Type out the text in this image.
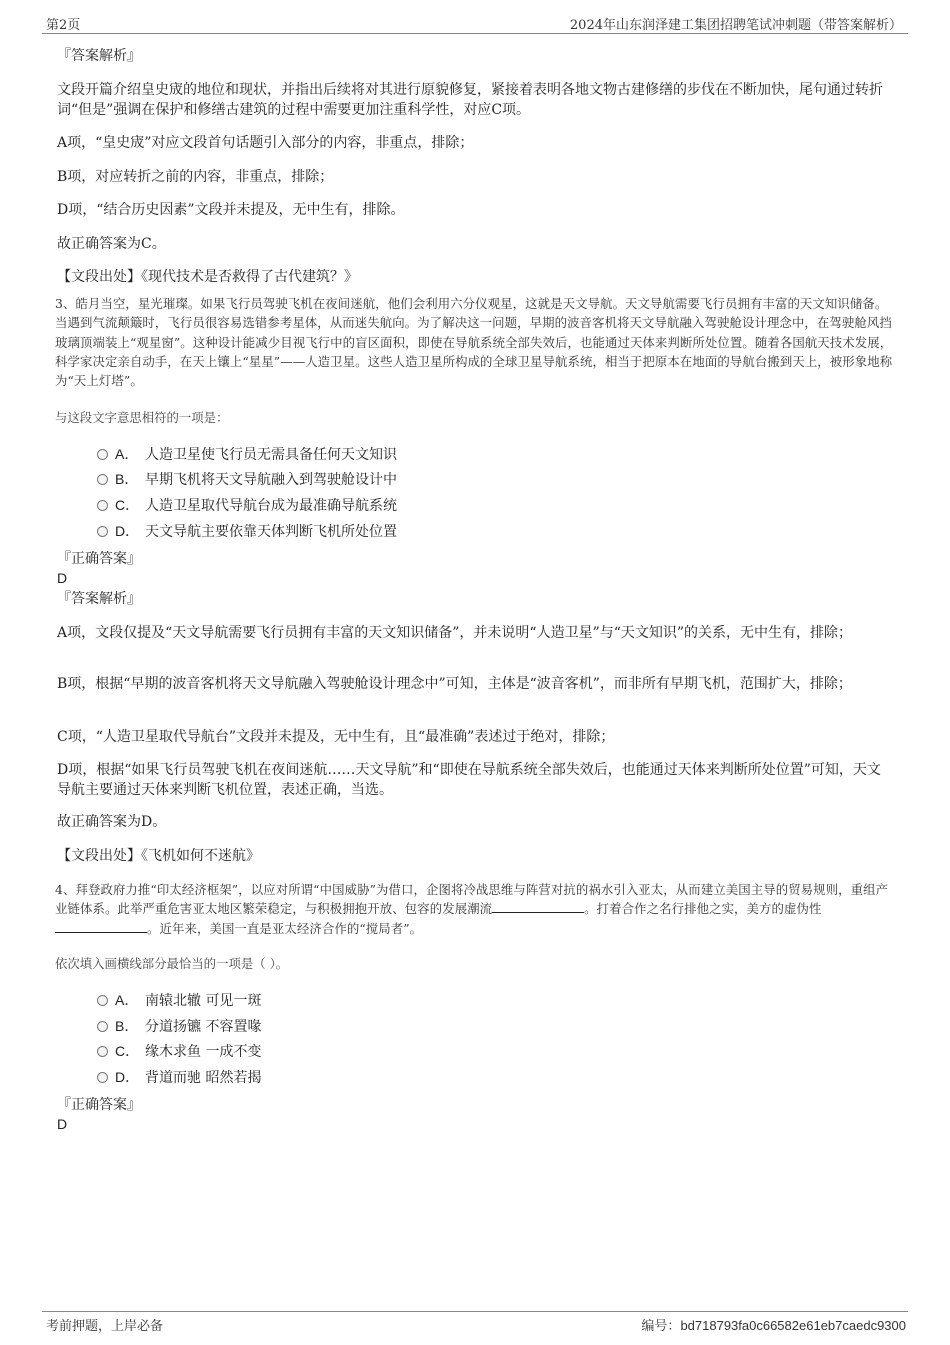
第2页	2024年山东润泽建工集团招聘笔试冲刺题（带答案解析）
『答案解析』
文段开篇介绍皇史宬的地位和现状，并指出后续将对其进行原貌修复，紧接着表明各地文物古建修缮的步伐在不断加快，尾句通过转折词“但是”强调在保护和修缮古建筑的过程中需要更加注重科学性，对应C项。
A项，“皇史宬”对应文段首句话题引入部分的内容，非重点，排除；
B项，对应转折之前的内容，非重点，排除；
D项，“结合历史因素”文段并未提及，无中生有，排除。
故正确答案为C。
【文段出处】《现代技术是否救得了古代建筑？》
3、皓月当空，星光璀璨。如果飞行员驾驶飞机在夜间迷航，他们会利用六分仪观星，这就是天文导航。天文导航需要飞行员拥有丰富的天文知识储备。当遇到气流颠簸时，飞行员很容易选错参考星体，从而迷失航向。为了解决这一问题，早期的波音客机将天文导航融入驾驶舱设计理念中，在驾驶舱风挡玻璃顶端装上“观星窗”。这种设计能减少目视飞行中的盲区面积，即使在导航系统全部失效后，也能通过天体来判断所处位置。随着各国航天技术发展，科学家决定亲自动手，在天上镶上“星星”——人造卫星。这些人造卫星所构成的全球卫星导航系统，相当于把原本在地面的导航台搬到天上，被形象地称为“天上灯塔”。
与这段文字意思相符的一项是：
A． 人造卫星使飞行员无需具备任何天文知识
B． 早期飞机将天文导航融入到驾驶舱设计中
C． 人造卫星取代导航台成为最准确导航系统
D． 天文导航主要依靠天体判断飞机所处位置
『正确答案』
D
『答案解析』
A项，文段仅提及“天文导航需要飞行员拥有丰富的天文知识储备”，并未说明“人造卫星”与“天文知识”的关系，无中生有，排除；
B项，根据“早期的波音客机将天文导航融入驾驶舱设计理念中”可知，主体是“波音客机”，而非所有早期飞机，范围扩大，排除；
C项，“人造卫星取代导航台”文段并未提及，无中生有，且“最准确”表述过于绝对，排除；
D项，根据“如果飞行员驾驶飞机在夜间迷航……天文导航”和“即使在导航系统全部失效后，也能通过天体来判断所处位置”可知，天文导航主要通过天体来判断飞机位置，表述正确，当选。
故正确答案为D。
【文段出处】《飞机如何不迷航》
4、拜登政府力推“印太经济框架”，以应对所谓“中国威胁”为借口，企图将冷战思维与阵营对抗的祸水引入亚太，从而建立美国主导的贸易规则，重组产业链体系。此举严重危害亚太地区繁荣稳定，与积极拥抱开放、包容的发展潮流	。打着合作之名行排他之实，美方的虚伪性。近年来，美国一直是亚太经济合作的“搅局者”。
依次填入画横线部分最恰当的一项是（ ）。
A． 南辕北辙 可见一斑
B． 分道扬镳 不容置喙
C． 缘木求鱼 一成不变
D． 背道而驰 昭然若揭
『正确答案』
D
考前押题，上岸必备	编号：bd718793fa0c66582e61eb7caedc9300
